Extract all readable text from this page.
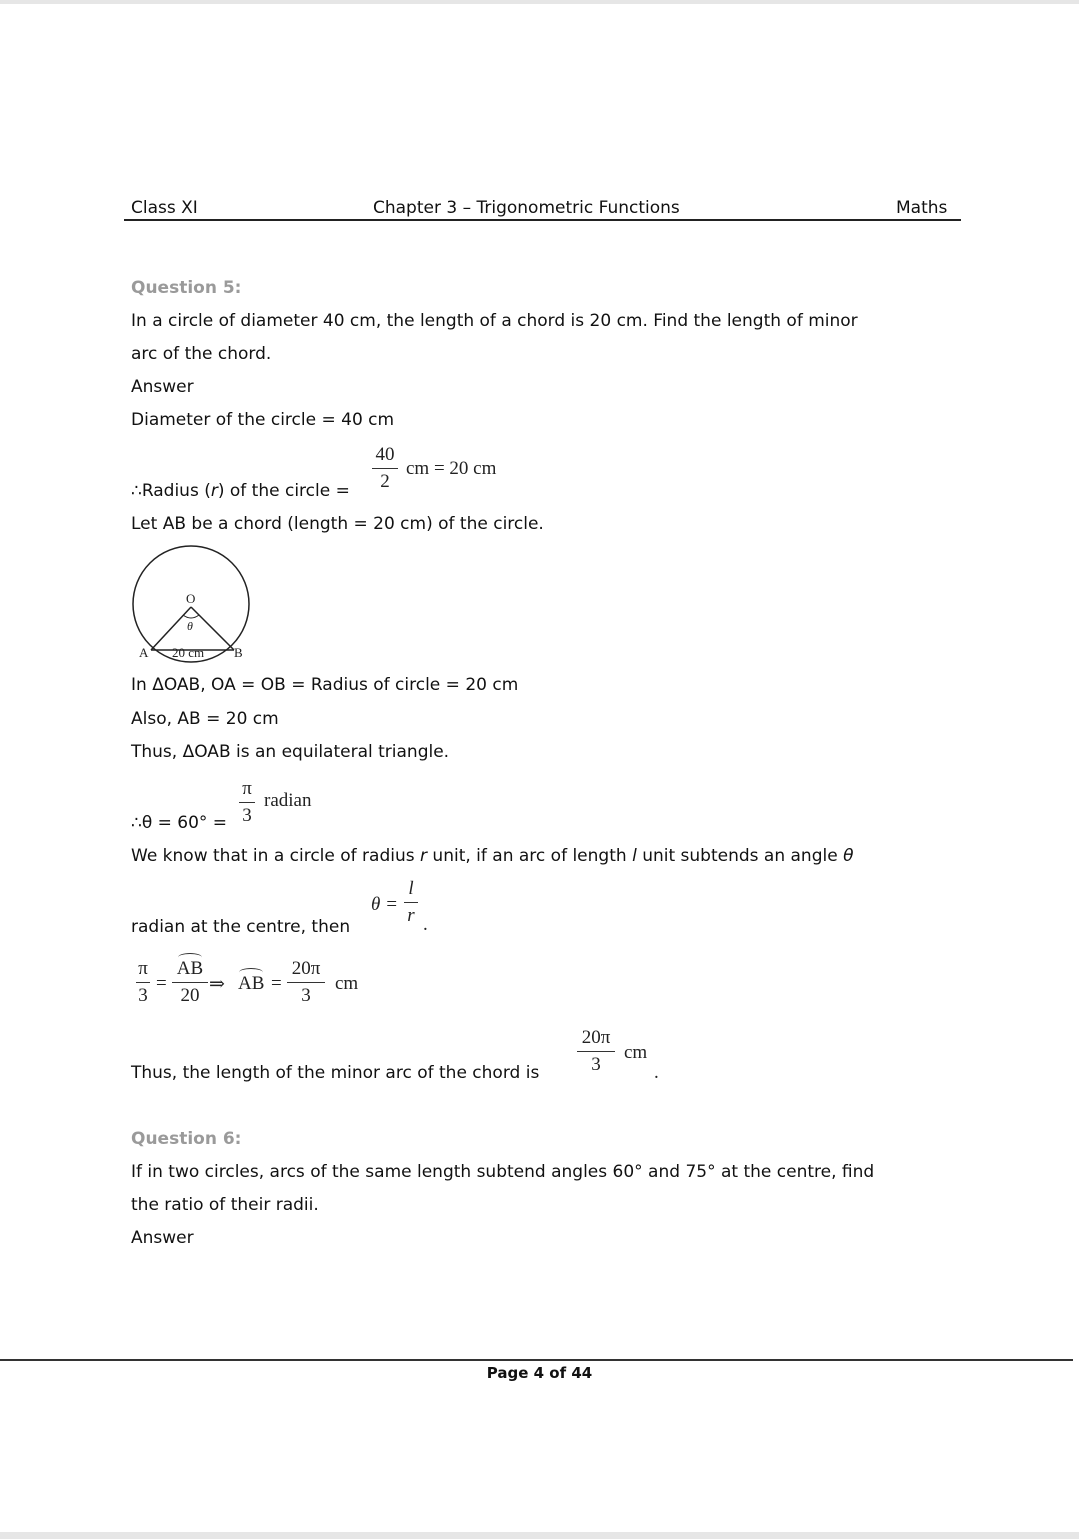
Class XI	Chapter 3 – Trigonometric Functions	Maths
Question 5:
In a circle of diameter 40 cm, the length of a chord is 20 cm. Find the length of minor
arc of the chord.
Answer
Diameter of the circle = 40 cm
∴Radius (r) of the circle =
40
2
cm = 20 cm
Let AB be a chord (length = 20 cm) of the circle.
O
θ
A	B
20 cm
In ΔOAB, OA = OB = Radius of circle = 20 cm
Also, AB = 20 cm
Thus, ΔOAB is an equilateral triangle.
∴θ = 60° =
π
3
radian
We know that in a circle of radius r unit, if an arc of length l unit subtends an angle θ
radian at the centre, then
θ =
l
r .
π
3
=
AB
20
⇒ AB =
20π
3
cm
Thus, the length of the minor arc of the chord is
20π
3
cm
.
Question 6:
If in two circles, arcs of the same length subtend angles 60° and 75° at the centre, find
the ratio of their radii.
Answer
Page 4 of 44
